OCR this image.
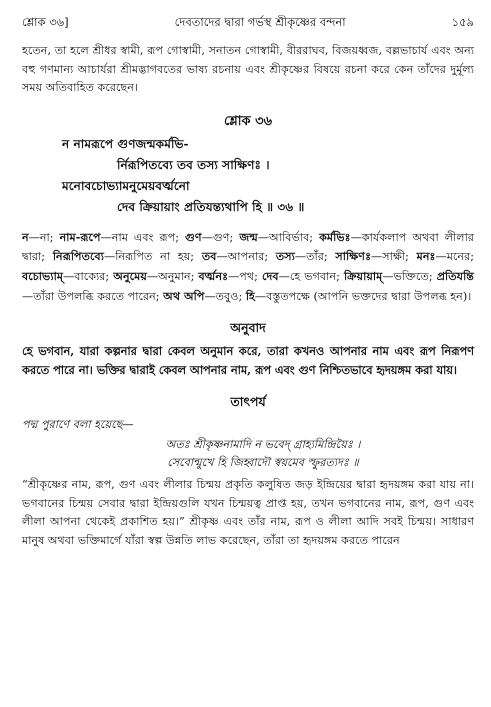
শ্লোক ৩৬]	দেবতাদের দ্বারা গর্ভস্থ শ্রীকৃষ্ণের বন্দনা	১৫৯

হতেন, তা হলে শ্রীধর স্বামী, রূপ গোস্বামী, সনাতন গোস্বামী, বীররাঘব, বিজয়ধ্বজ, বল্লভাচার্য এবং অন্য বহু গণমান্য আচার্যরা শ্রীমদ্ভাগবতের ভাষ্য রচনায় এবং শ্রীকৃষ্ণের বিষয়ে রচনা করে কেন তাঁদের দুর্মূল্য সময় অতিবাহিত করেছেন।

শ্লোক ৩৬
ন নামরূপে গুণজন্মকর্মভি-
র্নিরূপিতব্যে তব তস্য সাক্ষিণঃ ।
মনোবচোভ্যামনুমেয়বর্ত্মনো
দেব ক্রিয়ায়াং প্রতিযন্ত্যথাপি হি ॥ ৩৬ ॥

ন—না; নাম-রূপে—নাম এবং রূপ; গুণ—গুণ; জন্ম—আবির্ভাব; কর্মভিঃ—কার্যকলাপ অথবা লীলার দ্বারা; নিরূপিতব্যে—নিরূপিত না হয়; তব—আপনার; তস্য—তাঁর; সাক্ষিণঃ—সাক্ষী; মনঃ—মনের; বচোভ্যাম্—বাক্যের; অনুমেয়—অনুমান; বর্ত্মনঃ—পথ; দেব—হে ভগবান; ক্রিয়ায়াম্—ভক্তিতে; প্রতিযন্তি—তাঁরা উপলব্ধি করতে পারেন; অথ অপি—তবুও; হি—বস্তুতপক্ষে (আপনি ভক্তদের দ্বারা উপলব্ধ হন)।

অনুবাদ

হে ভগবান, যারা কল্পনার দ্বারা কেবল অনুমান করে, তারা কখনও আপনার নাম এবং রূপ নিরূপণ করতে পারে না। ভক্তির দ্বারাই কেবল আপনার নাম, রূপ এবং গুণ নিশ্চিতভাবে হৃদয়ঙ্গম করা যায়।

তাৎপর্য
পদ্ম পুরাণে বলা হয়েছে—
অতঃ শ্রীকৃষ্ণনামাদি ন ভবেদ্ গ্রাহ্যমিন্দ্রিয়ৈঃ ।
সেবোন্মুখে হি জিহ্বাদৌ স্বয়মেব স্ফুরত্যদঃ ॥

“শ্রীকৃষ্ণের নাম, রূপ, গুণ এবং লীলার চিন্ময় প্রকৃতি কলুষিত জড় ইন্দ্রিয়ের দ্বারা হৃদয়ঙ্গম করা যায় না। ভগবানের চিন্ময় সেবার দ্বারা ইন্দ্রিয়গুলি যখন চিন্ময়ত্ব প্রাপ্ত হয়, তখন ভগবানের নাম, রূপ, গুণ এবং লীলা আপনা থেকেই প্রকাশিত হয়।” শ্রীকৃষ্ণ এবং তাঁর নাম, রূপ ও লীলা আদি সবই চিন্ময়। সাধারণ মানুষ অথবা ভক্তিমার্গে যাঁরা স্বল্প উন্নতি লাভ করেছেন, তাঁরা তা হৃদয়ঙ্গম করতে পারেন
